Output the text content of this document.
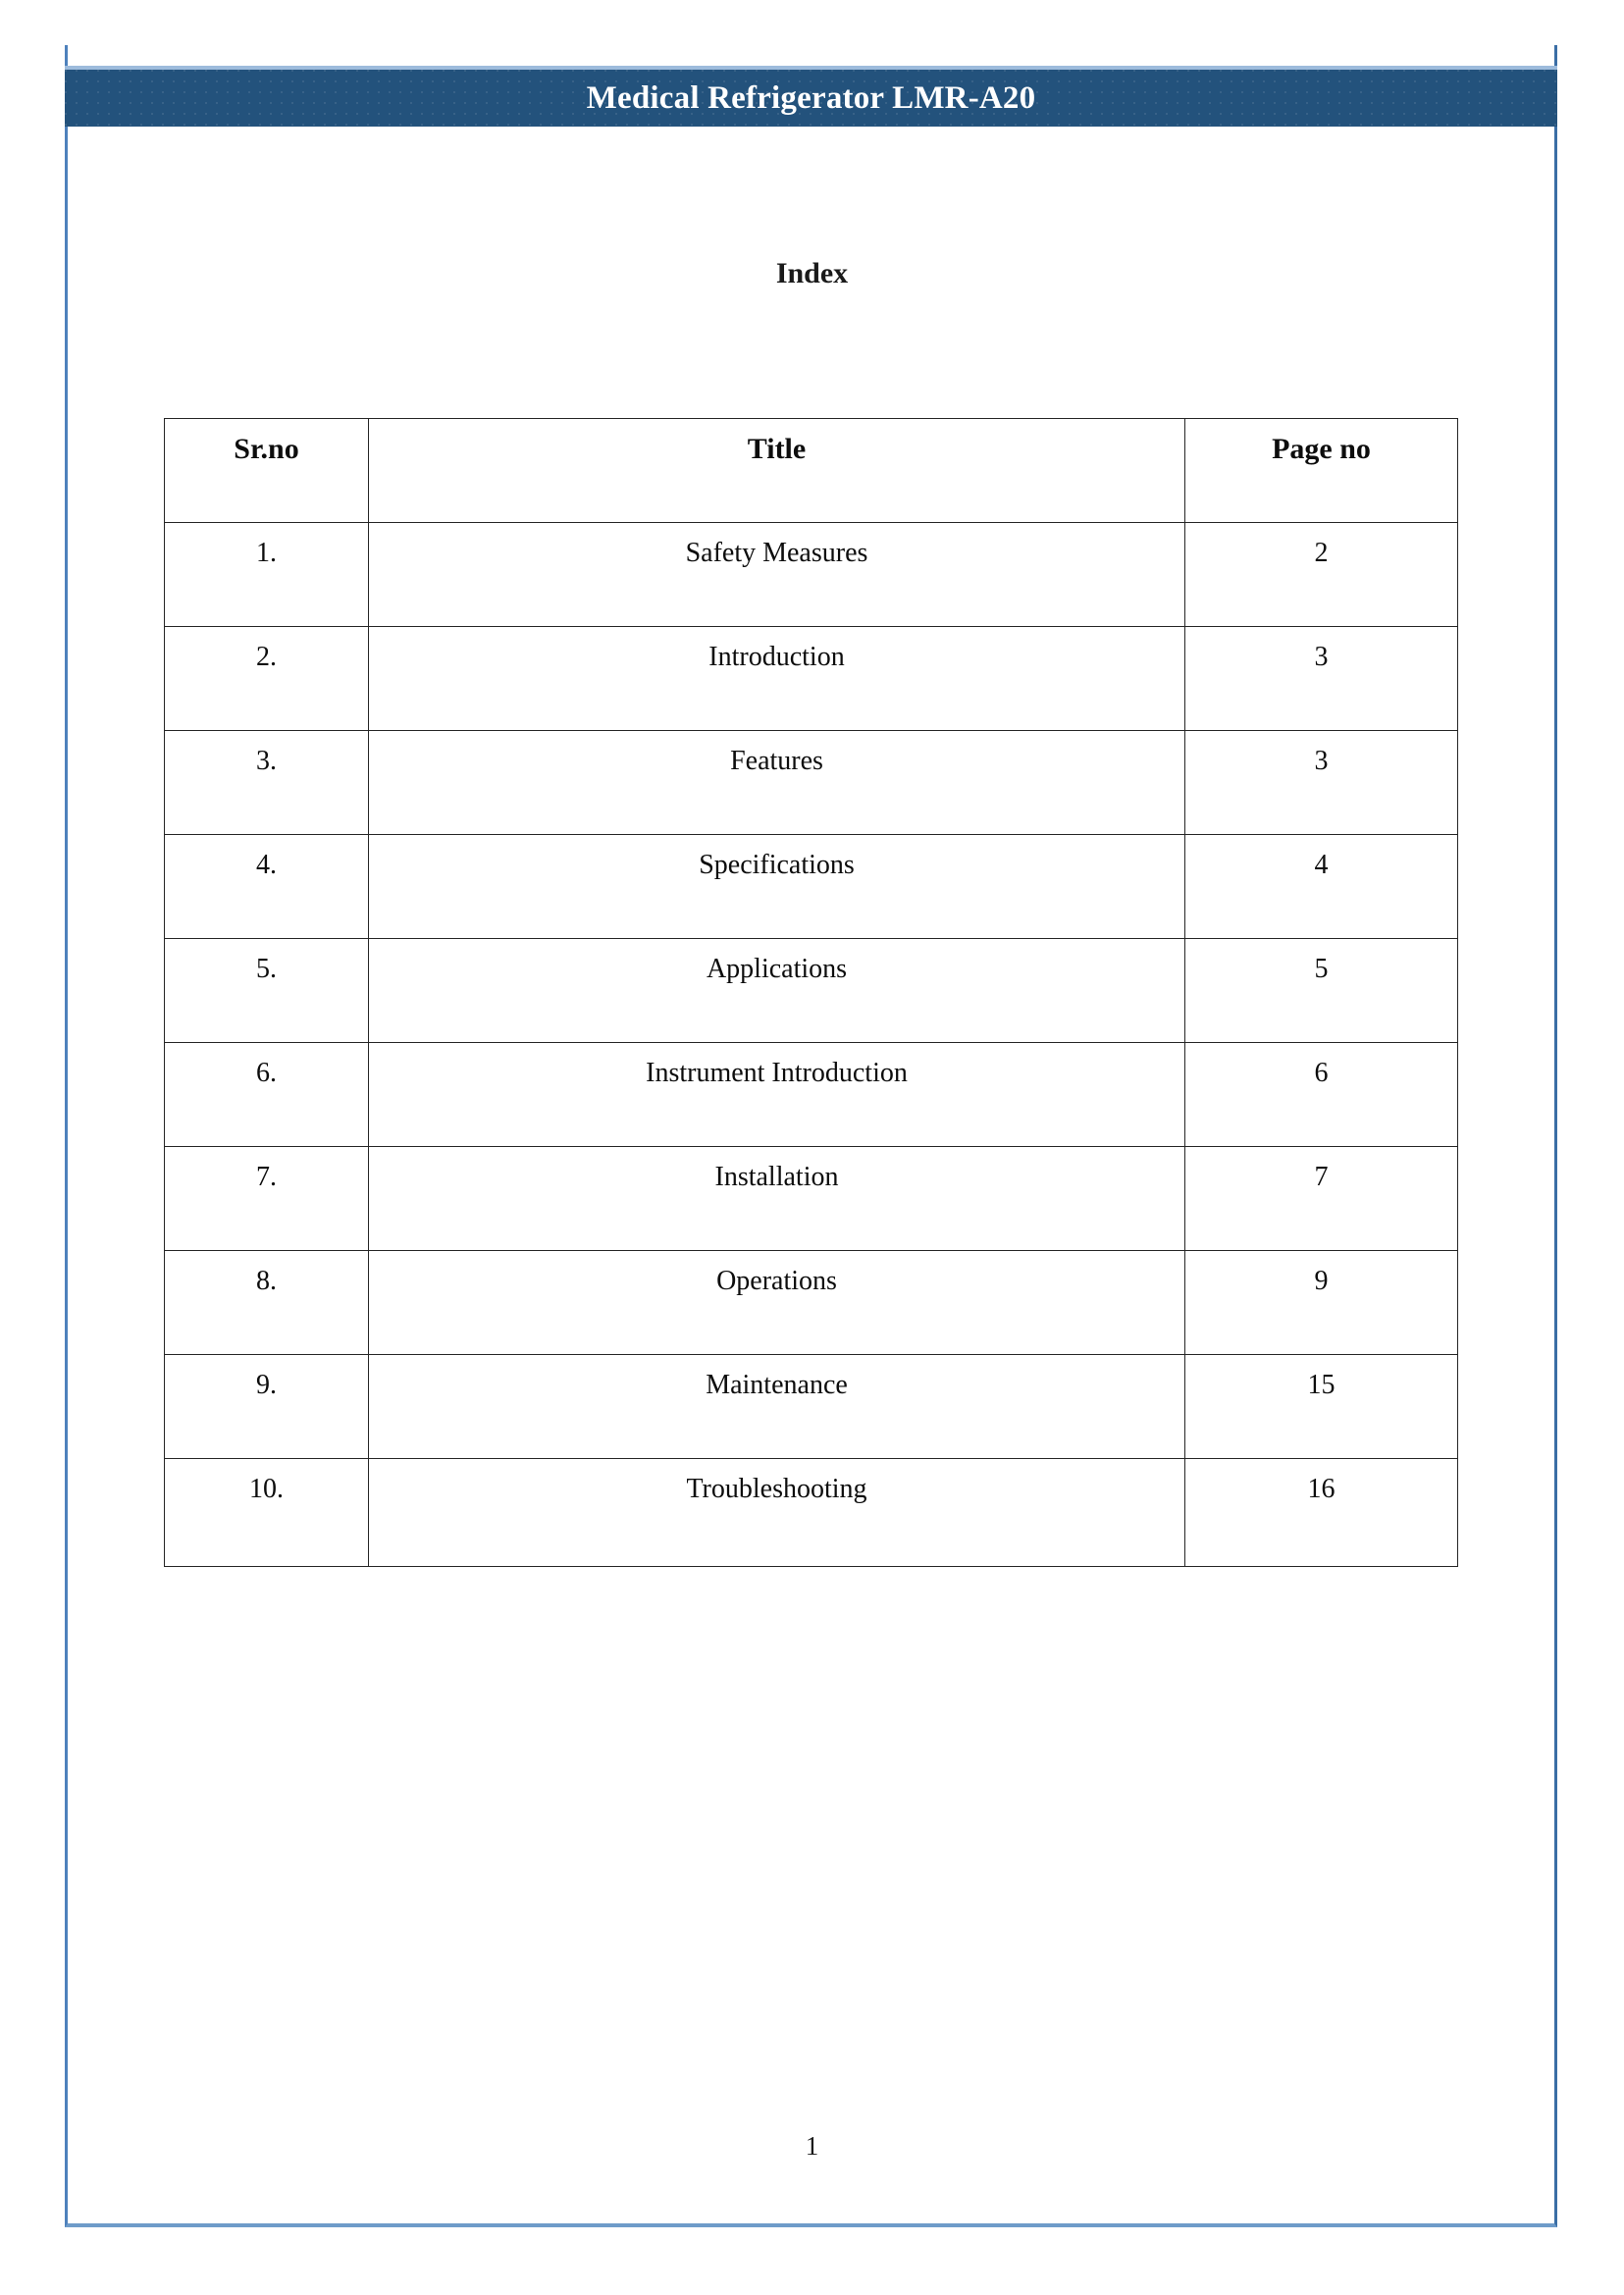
Medical Refrigerator LMR-A20
Index
Sr.no	Title	Page no
1.	Safety Measures	2
2.	Introduction	3
3.	Features	3
4.	Specifications	4
5.	Applications	5
6.	Instrument Introduction	6
7.	Installation	7
8.	Operations	9
9.	Maintenance	15
10.	Troubleshooting	16
1
